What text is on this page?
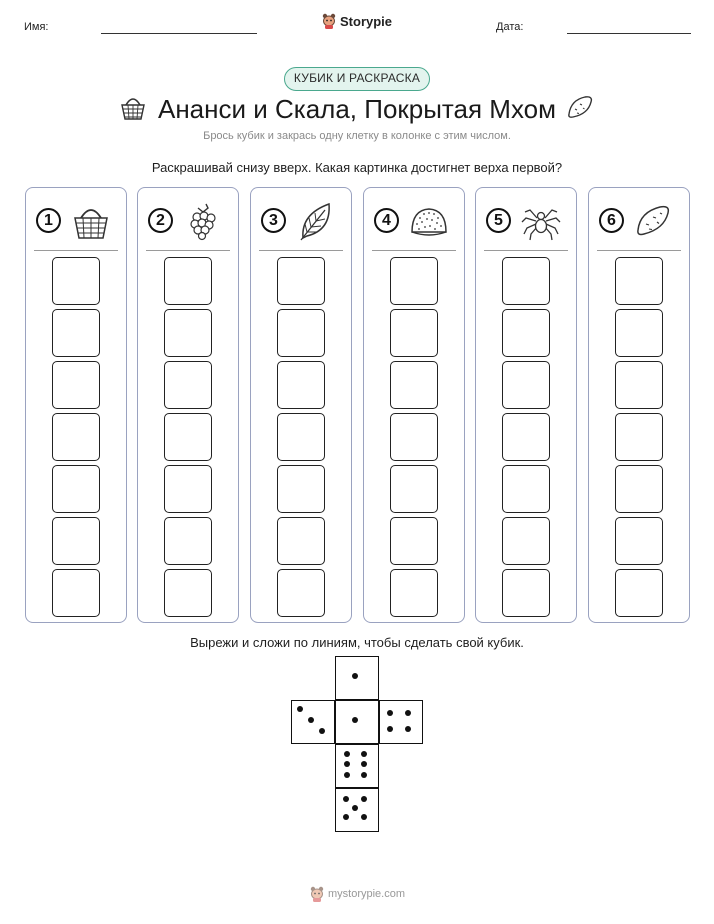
Имя:	Storypie	Дата:
КУБИК И РАСКРАСКА
Ананси и Скала, Покрытая Мхом
Брось кубик и закрась одну клетку в колонке с этим числом.
Раскрашивай снизу вверх. Какая картинка достигнет верха первой?
1	2	3	4	5	6
Вырежи и сложи по линиям, чтобы сделать свой кубик.
mystorypie.com
